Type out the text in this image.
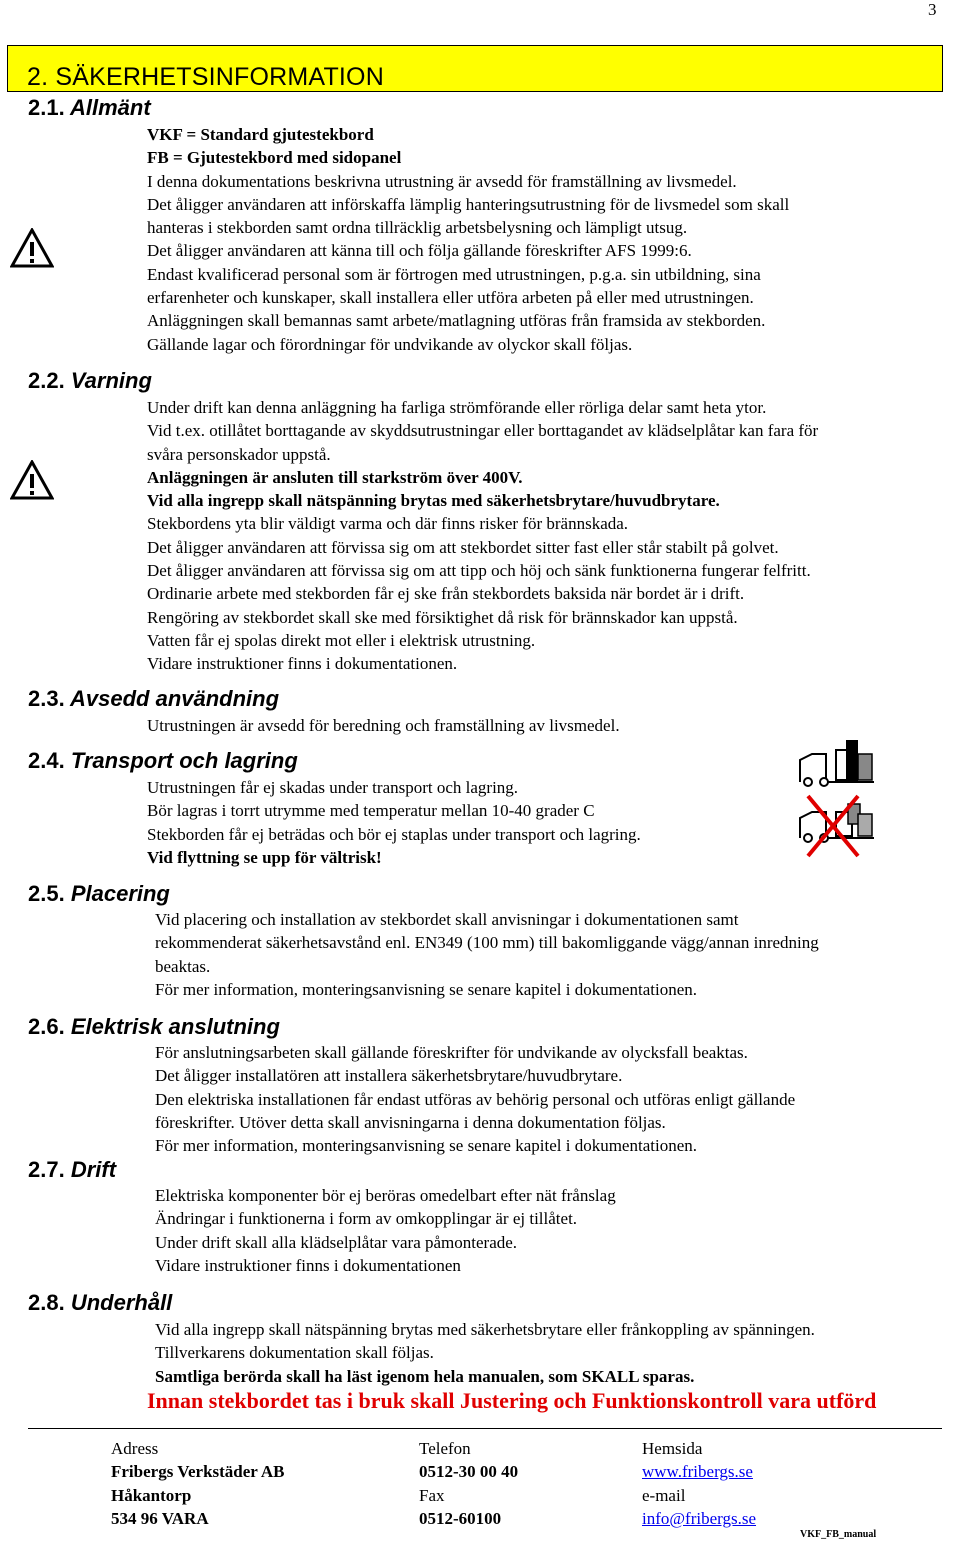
3
2. SÄKERHETSINFORMATION
2.1. Allmänt
VKF = Standard gjutestekbord
FB = Gjutestekbord med sidopanel
I denna dokumentations beskrivna utrustning är avsedd för framställning av livsmedel.
Det åligger användaren att införskaffa lämplig hanteringsutrustning för de livsmedel som skall
hanteras i stekborden samt ordna tillräcklig arbetsbelysning och lämpligt utsug.
Det åligger användaren att känna till och följa gällande föreskrifter AFS 1999:6.
Endast kvalificerad personal som är förtrogen med utrustningen, p.g.a. sin utbildning, sina
erfarenheter och kunskaper, skall installera eller utföra arbeten på eller med utrustningen.
Anläggningen skall bemannas samt arbete/matlagning utföras från framsida av stekborden.
Gällande lagar och förordningar för undvikande av olyckor skall följas.
2.2. Varning
Under drift kan denna anläggning ha farliga strömförande eller rörliga delar samt heta ytor.
Vid t.ex. otillåtet borttagande av skyddsutrustningar eller borttagandet av klädselplåtar kan fara för
svåra personskador uppstå.
Anläggningen är ansluten till starkström över 400V.
Vid alla ingrepp skall nätspänning brytas med säkerhetsbrytare/huvudbrytare.
Stekbordens yta blir väldigt varma och där finns risker för brännskada.
Det åligger användaren att förvissa sig om att stekbordet sitter fast eller står stabilt på golvet.
Det åligger användaren att förvissa sig om att tipp och höj och sänk funktionerna fungerar felfritt.
Ordinarie arbete med stekborden får ej ske från stekbordets baksida när bordet är i drift.
Rengöring av stekbordet skall ske med försiktighet då risk för brännskador kan uppstå.
Vatten får ej spolas direkt mot eller i elektrisk utrustning.
Vidare instruktioner finns i dokumentationen.
2.3. Avsedd användning
Utrustningen är avsedd för beredning och framställning av livsmedel.
2.4. Transport och lagring
Utrustningen får ej skadas under transport och lagring.
Bör lagras i torrt utrymme med temperatur mellan 10-40 grader C
Stekborden får ej beträdas och bör ej staplas under transport och lagring.
Vid flyttning se upp för vältrisk!
2.5. Placering
Vid placering och installation av stekbordet skall anvisningar i dokumentationen samt
rekommenderat säkerhetsavstånd enl. EN349 (100 mm) till bakomliggande vägg/annan inredning
beaktas.
För mer information, monteringsanvisning se senare kapitel i dokumentationen.
2.6. Elektrisk anslutning
För anslutningsarbeten skall gällande föreskrifter för undvikande av olycksfall beaktas.
Det åligger installatören att installera säkerhetsbrytare/huvudbrytare.
Den elektriska installationen får endast utföras av behörig personal och utföras enligt gällande
föreskrifter. Utöver detta skall anvisningarna i denna dokumentation följas.
För mer information, monteringsanvisning se senare kapitel i dokumentationen.
2.7. Drift
Elektriska komponenter bör ej beröras omedelbart efter nät frånslag
Ändringar i funktionerna i form av omkopplingar är ej tillåtet.
Under drift skall alla klädselplåtar vara påmonterade.
Vidare instruktioner finns i dokumentationen
2.8. Underhåll
Vid alla ingrepp skall nätspänning brytas med säkerhetsbrytare eller frånkoppling av spänningen.
Tillverkarens dokumentation skall följas.
Samtliga berörda skall ha läst igenom hela manualen, som SKALL sparas.
Innan stekbordet tas i bruk skall Justering och Funktionskontroll vara utförd
Adress
Fribergs Verkstäder AB
Håkantorp
534 96 VARA
Telefon
0512-30 00 40
Fax
0512-60100
Hemsida
www.fribergs.se
e-mail
info@fribergs.se
VKF_FB_manual
